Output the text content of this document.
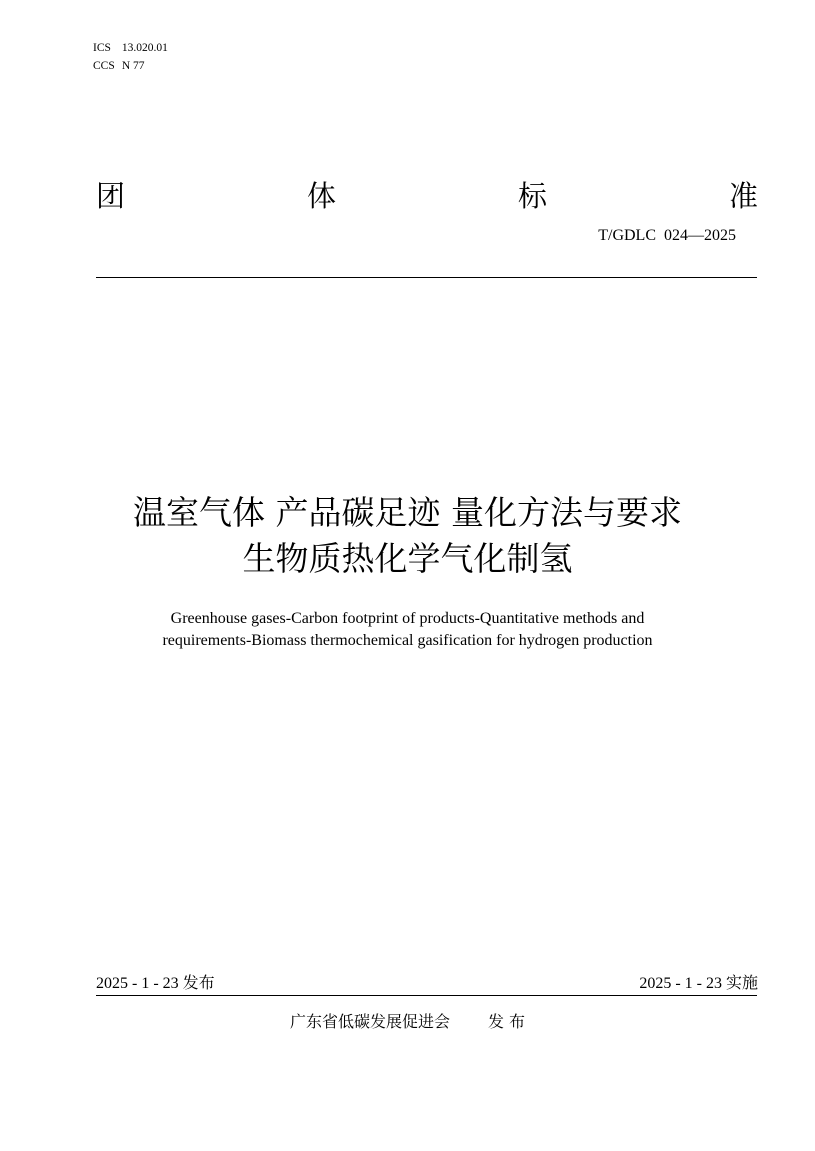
ICS 13.020.01
CCS N 77
团	体	标	准
T/GDLC  024—2025
温室气体 产品碳足迹 量化方法与要求
生物质热化学气化制氢
Greenhouse gases-Carbon footprint of products-Quantitative methods and
requirements-Biomass thermochemical gasification for hydrogen production
2025 - 1 - 23 发布	2025 - 1 - 23 实施
广东省低碳发展促进会 发 布
